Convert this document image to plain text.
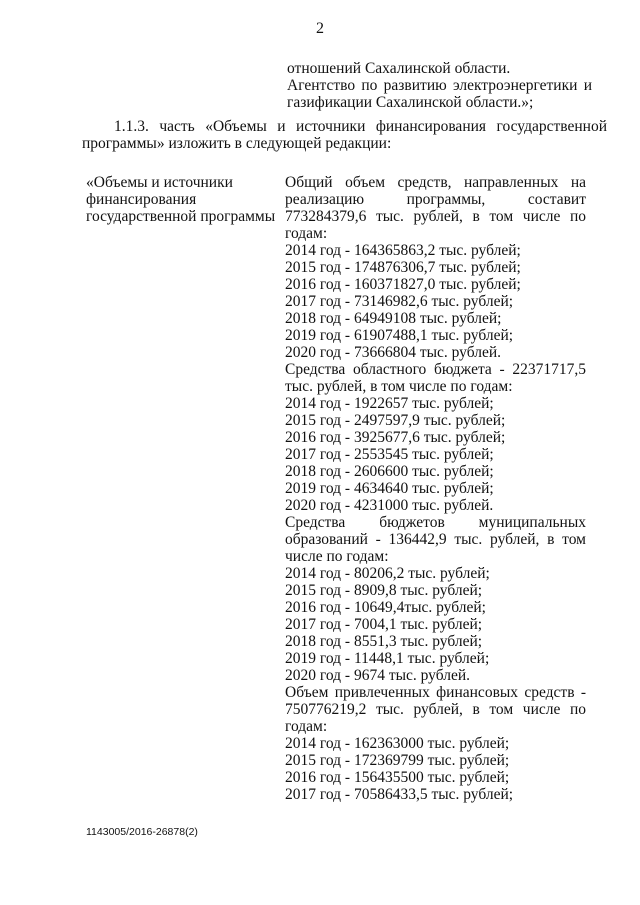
2

отношений Сахалинской области.

Агентство по развитию электроэнергетики и газификации Сахалинской области.»;

1.1.3. часть «Объемы и источники финансирования государственной программы» изложить в следующей редакции:

«Объемы и источники
финансирования
государственной программы
Общий объем средств, направленных на реализацию программы, составит 773284379,6 тыс. рублей, в том числе по годам:
2014 год - 164365863,2 тыс. рублей;
2015 год - 174876306,7 тыс. рублей;
2016 год - 160371827,0 тыс. рублей;
2017 год - 73146982,6 тыс. рублей;
2018 год - 64949108 тыс. рублей;
2019 год - 61907488,1 тыс. рублей;
2020 год - 73666804 тыс. рублей.
Средства областного бюджета - 22371717,5 тыс. рублей, в том числе по годам:
2014 год - 1922657 тыс. рублей;
2015 год - 2497597,9 тыс. рублей;
2016 год - 3925677,6 тыс. рублей;
2017 год - 2553545 тыс. рублей;
2018 год - 2606600 тыс. рублей;
2019 год - 4634640 тыс. рублей;
2020 год - 4231000 тыс. рублей.
Средства бюджетов муниципальных образований - 136442,9 тыс. рублей, в том числе по годам:
2014 год - 80206,2 тыс. рублей;
2015 год - 8909,8 тыс. рублей;
2016 год - 10649,4тыс. рублей;
2017 год - 7004,1 тыс. рублей;
2018 год - 8551,3 тыс. рублей;
2019 год - 11448,1 тыс. рублей;
2020 год - 9674 тыс. рублей.
Объем привлеченных финансовых средств - 750776219,2 тыс. рублей, в том числе по годам:
2014 год - 162363000 тыс. рублей;
2015 год - 172369799 тыс. рублей;
2016 год - 156435500 тыс. рублей;
2017 год - 70586433,5 тыс. рублей;
1143005/2016-26878(2)
